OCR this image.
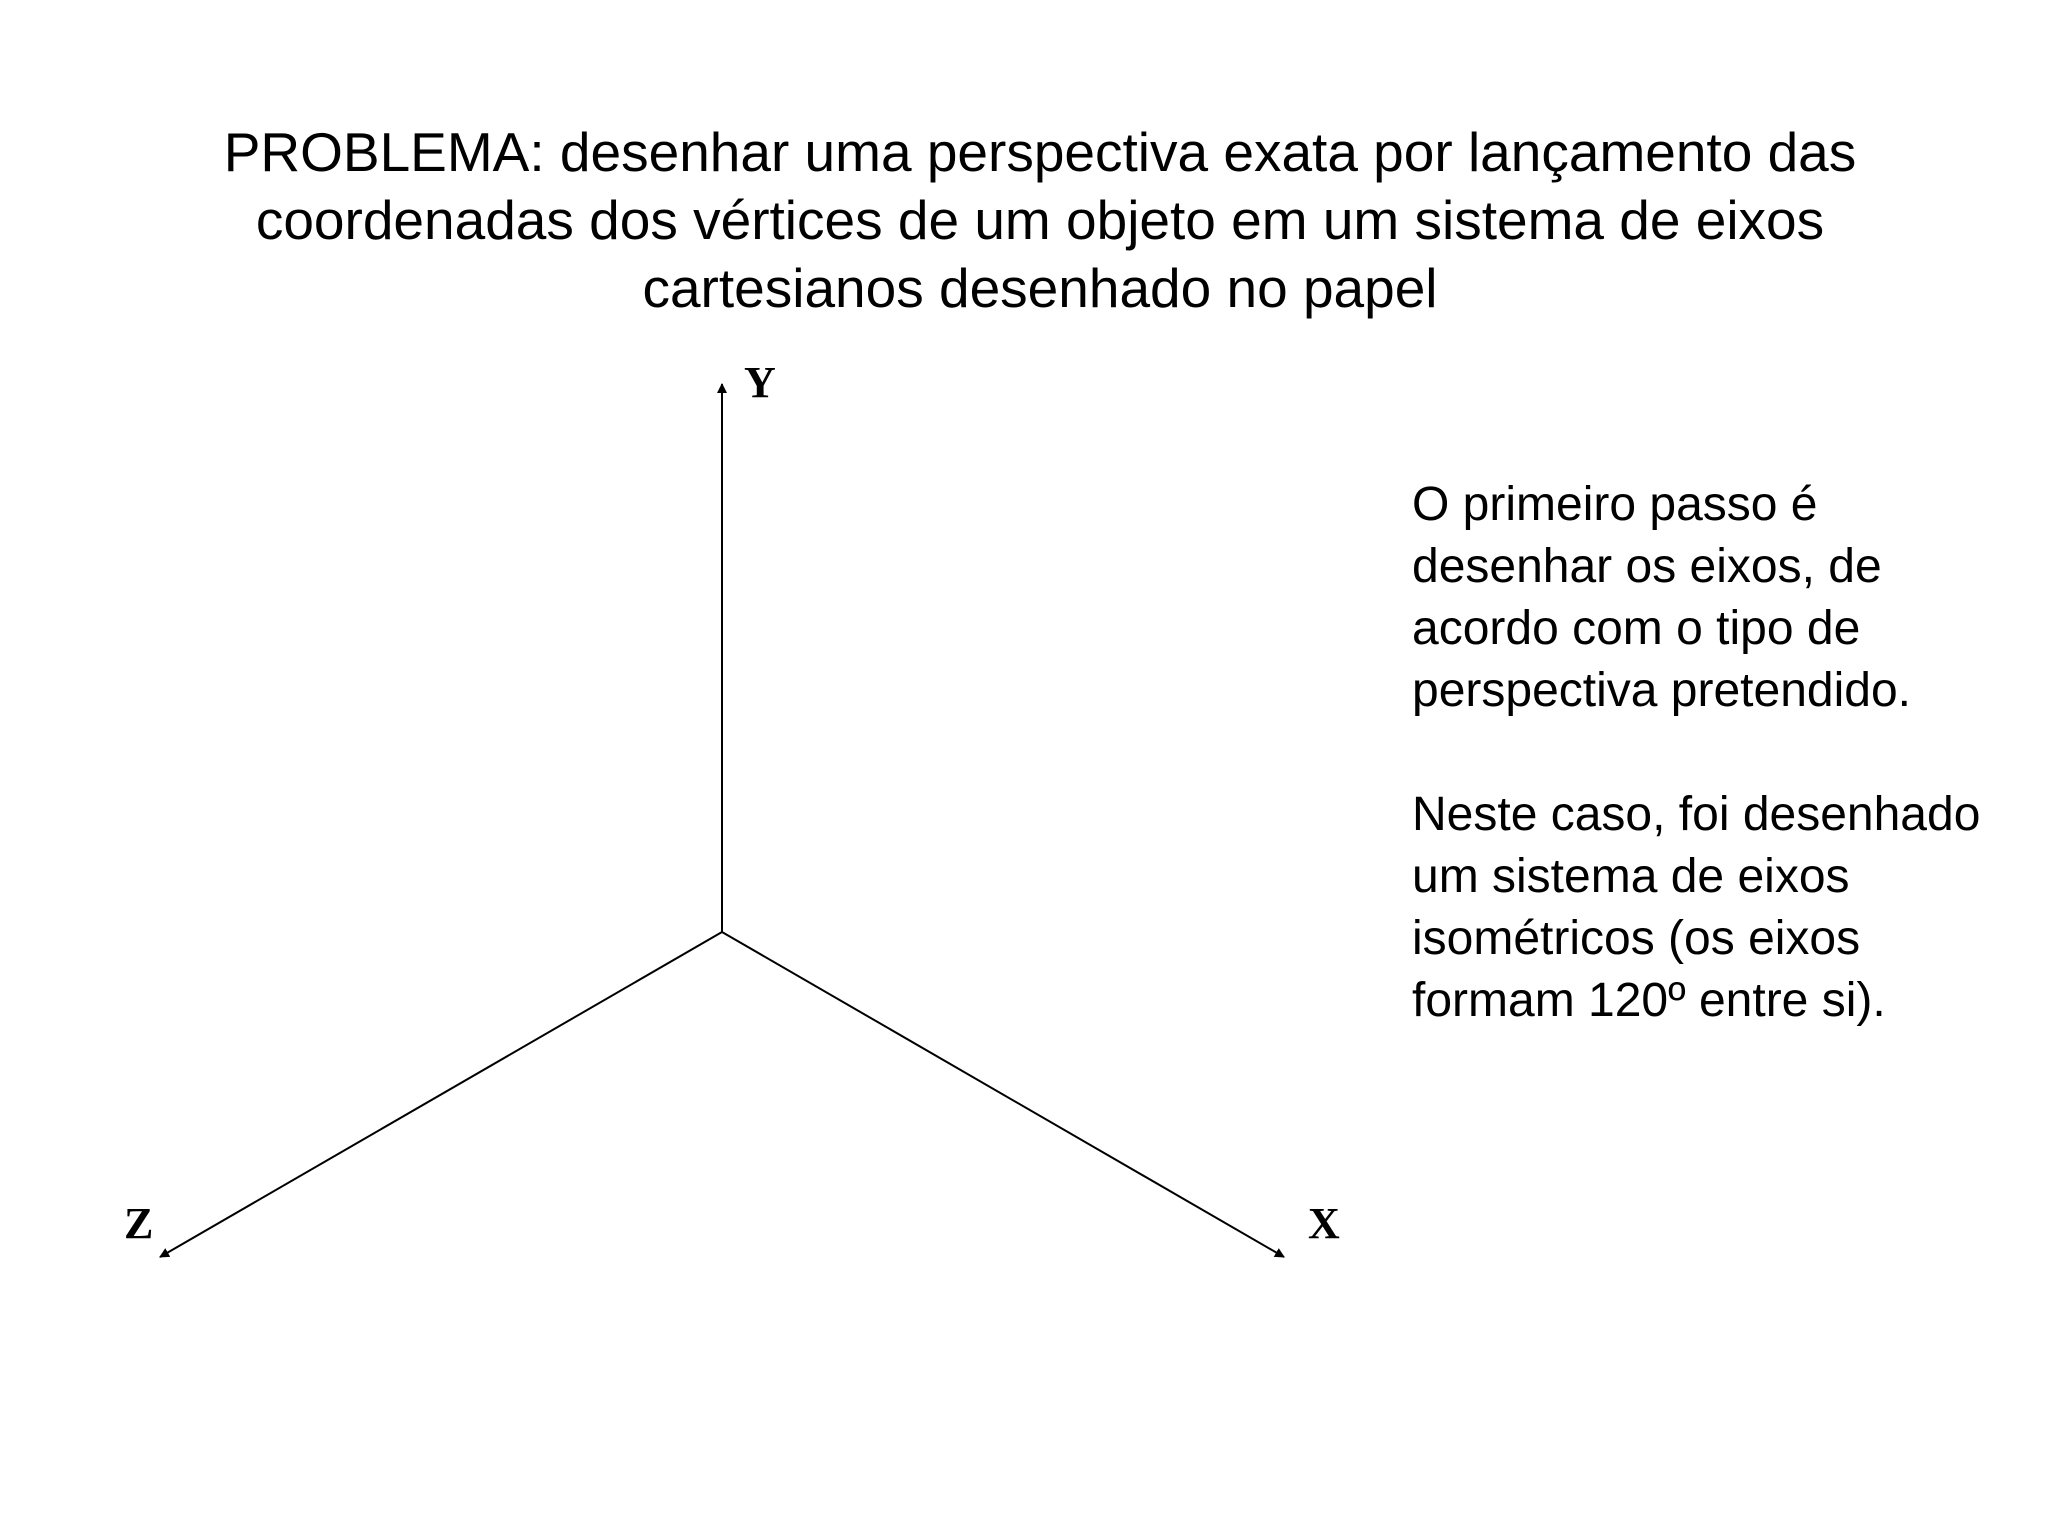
PROBLEMA: desenhar uma perspectiva exata por lançamento das
coordenadas dos vértices de um objeto em um sistema de eixos
cartesianos desenhado no papel
Y
Z	X

O primeiro passo é
desenhar os eixos, de
acordo com o tipo de
perspectiva pretendido.

Neste caso, foi desenhado
um sistema de eixos
isométricos (os eixos
formam 120º entre si).
